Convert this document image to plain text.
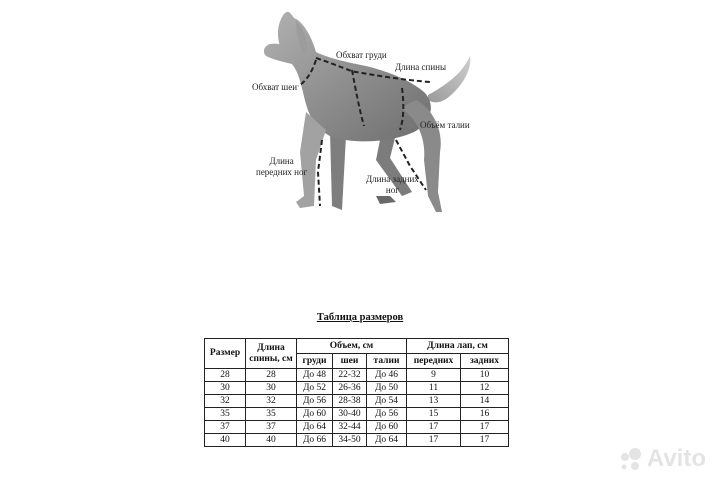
Обхват груди
Длина спины
Обхват шеи
Объём талии
Длина
передних ног
Длина задних
ног
Таблица размеров
Размер	Длина
спины, см	Объем, см			Длина лап, см	
		груди	шеи	талии	передних	задних
28	28	До 48	22-32	До 46	9	10
30	30	До 52	26-36	До 50	11	12
32	32	До 56	28-38	До 54	13	14
35	35	До 60	30-40	До 56	15	16
37	37	До 64	32-44	До 60	17	17
40	40	До 66	34-50	До 64	17	17
Avito
